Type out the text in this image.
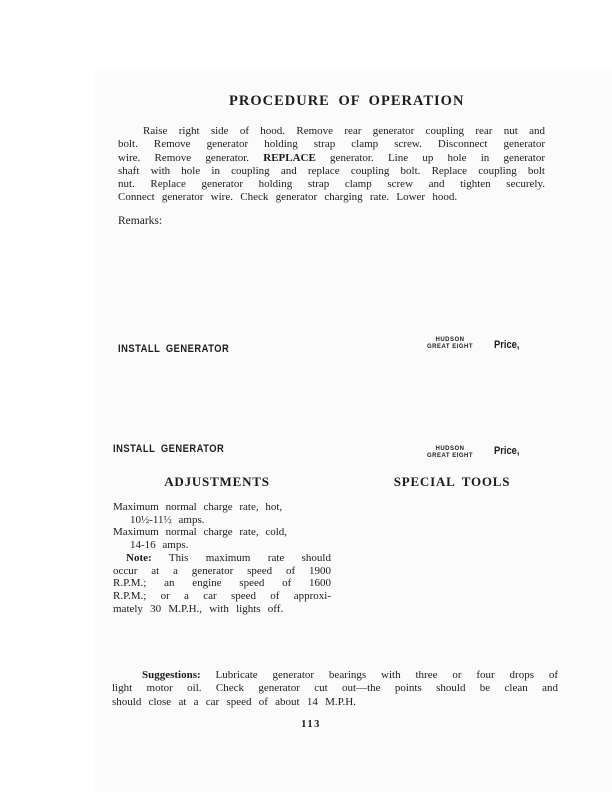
PROCEDURE OF OPERATION
Raise right side of hood. Remove rear generator coupling rear nut and
bolt. Remove generator holding strap clamp screw. Disconnect generator
wire. Remove generator. REPLACE generator. Line up hole in generator
shaft with hole in coupling and replace coupling bolt. Replace coupling bolt
nut. Replace generator holding strap clamp screw and tighten securely.
Connect generator wire. Check generator charging rate. Lower hood.
Remarks:
INSTALL GENERATOR
HUDSON
GREAT EIGHT	Price,
INSTALL GENERATOR	HUDSON
GREAT EIGHT	Price,
ADJUSTMENTS	SPECIAL TOOLS
Maximum normal charge rate, hot,
10½-11½ amps.
Maximum normal charge rate, cold,
14-16 amps.
Note: This maximum rate should
occur at a generator speed of 1900
R.P.M.; an engine speed of 1600
R.P.M.; or a car speed of approxi-
mately 30 M.P.H., with lights off.
Suggestions: Lubricate generator bearings with three or four drops of
light motor oil. Check generator cut out—the points should be clean and
should close at a car speed of about 14 M.P.H.
113
